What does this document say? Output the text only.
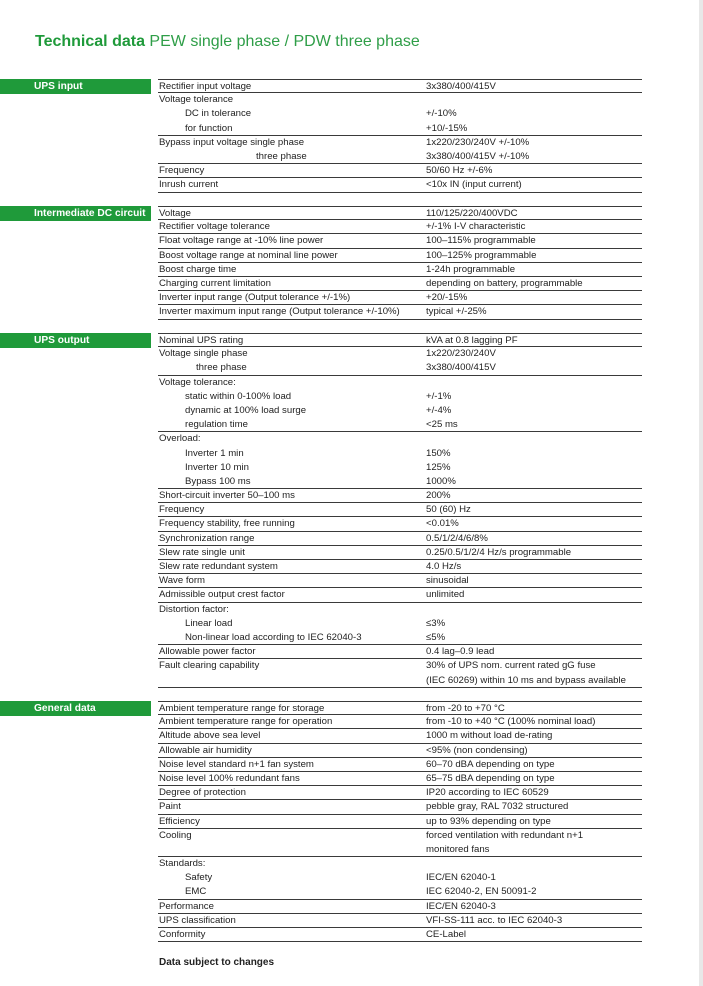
Technical data PEW single phase / PDW three phase
UPS input	Rectifier input voltage	3x380/400/415V
Voltage tolerance
DC in tolerance	+/-10%
for function	+10/-15%
Bypass input voltage single phase	1x220/230/240V +/-10%
three phase	3x380/400/415V +/-10%
Frequency	50/60 Hz +/-6%
Inrush current	<10x IN (input current)
Intermediate DC circuit	Voltage	110/125/220/400VDC
Rectifier voltage tolerance	+/-1% I-V characteristic
Float voltage range at -10% line power	100–115% programmable
Boost voltage range at nominal line power	100–125% programmable
Boost charge time	1-24h programmable
Charging current limitation	depending on battery, programmable
Inverter input range (Output tolerance +/-1%)	+20/-15%
Inverter maximum input range (Output tolerance +/-10%)	typical +/-25%
UPS output	Nominal UPS rating	kVA at 0.8 lagging PF
Voltage single phase	1x220/230/240V
three phase	3x380/400/415V
Voltage tolerance:
static within 0-100% load	+/-1%
dynamic at 100% load surge	+/-4%
regulation time	<25 ms
Overload:
Inverter 1 min	150%
Inverter 10 min	125%
Bypass 100 ms	1000%
Short-circuit inverter 50–100 ms	200%
Frequency	50 (60) Hz
Frequency stability, free running	<0.01%
Synchronization range	0.5/1/2/4/6/8%
Slew rate single unit	0.25/0.5/1/2/4 Hz/s programmable
Slew rate redundant system	4.0 Hz/s
Wave form	sinusoidal
Admissible output crest factor	unlimited
Distortion factor:
Linear load	≤3%
Non-linear load according to IEC 62040-3	≤5%
Allowable power factor	0.4 lag–0.9 lead
Fault clearing capability	30% of UPS nom. current rated gG fuse
(IEC 60269) within 10 ms and bypass available
General data	Ambient temperature range for storage	from -20 to +70 °C
Ambient temperature range for operation	from -10 to +40 °C (100% nominal load)
Altitude above sea level	1000 m without load de-rating
Allowable air humidity	<95% (non condensing)
Noise level standard n+1 fan system	60–70 dBA depending on type
Noise level 100% redundant fans	65–75 dBA depending on type
Degree of protection	IP20 according to IEC 60529
Paint	pebble gray, RAL 7032 structured
Efficiency	up to 93% depending on type
Cooling	forced ventilation with redundant n+1
monitored fans
Standards:
Safety	IEC/EN 62040-1
EMC	IEC 62040-2, EN 50091-2
Performance	IEC/EN 62040-3
UPS classification	VFI-SS-111 acc. to IEC 62040-3
Conformity	CE-Label
Data subject to changes
